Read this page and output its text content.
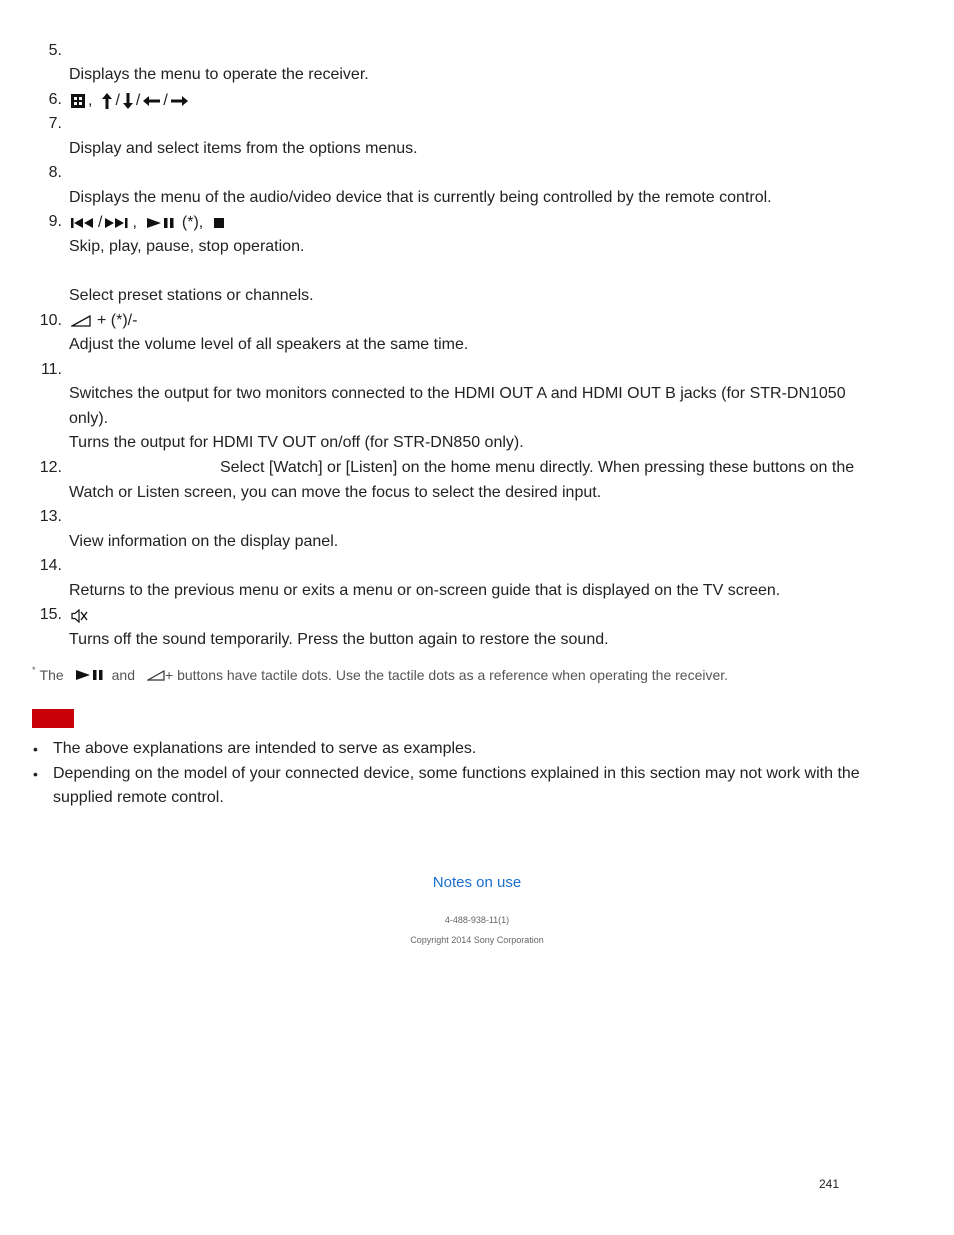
5.
Displays the menu to operate the receiver.
6. , / / /
7.
Display and select items from the options menus.
8.
Displays the menu of the audio/video device that is currently being controlled by the remote control.
9. / ,	(*),
Skip, play, pause, stop operation.
Select preset stations or channels.
10. + (*)/-
Adjust the volume level of all speakers at the same time.
11.
Switches the output for two monitors connected to the HDMI OUT A and HDMI OUT B jacks (for STR-DN1050
only).
Turns the output for HDMI TV OUT on/off (for STR-DN850 only).
12.	Select [Watch] or [Listen] on the home menu directly. When pressing these buttons on the
Watch or Listen screen, you can move the focus to select the desired input.
13.
View information on the display panel.
14.
Returns to the previous menu or exits a menu or on-screen guide that is displayed on the TV screen.
15.
Turns off the sound temporarily. Press the button again to restore the sound.
* The	and + buttons have tactile dots. Use the tactile dots as a reference when operating the receiver.
• The above explanations are intended to serve as examples.
• Depending on the model of your connected device, some functions explained in this section may not work with the supplied remote control.
Notes on use
4-488-938-11(1)
Copyright 2014 Sony Corporation
241
